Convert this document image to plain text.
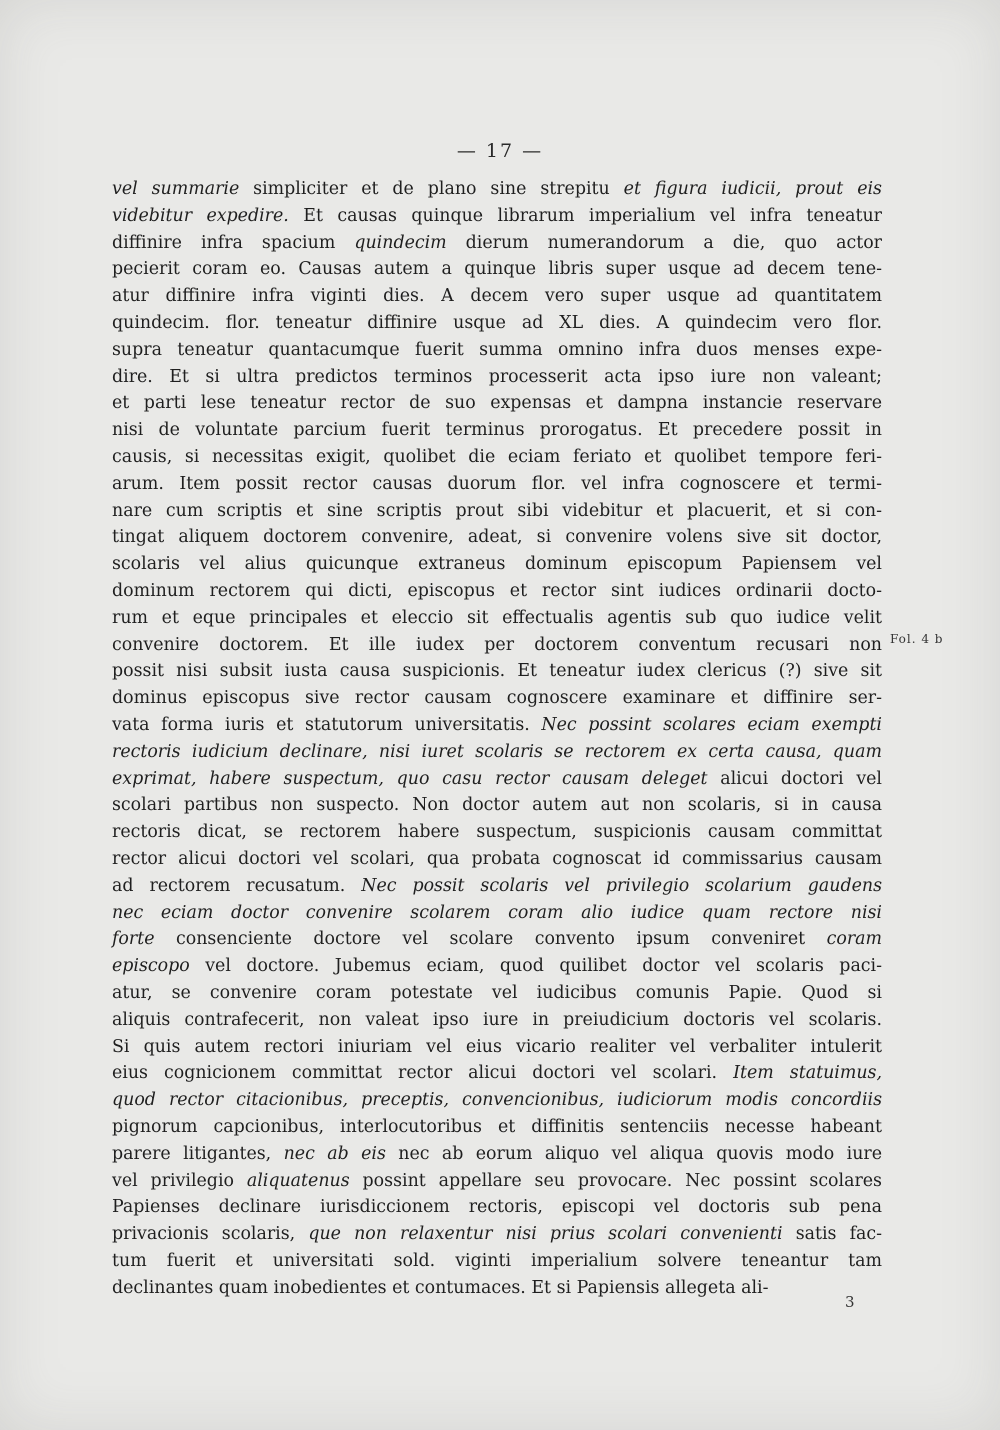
— 17 —
vel summarie simpliciter et de plano sine strepitu et figura iudicii, prout eis
videbitur expedire. Et causas quinque librarum imperialium vel infra teneatur
diffinire infra spacium quindecim dierum numerandorum a die, quo actor
pecierit coram eo. Causas autem a quinque libris super usque ad decem tene-
atur diffinire infra viginti dies. A decem vero super usque ad quantitatem
quindecim. flor. teneatur diffinire usque ad XL dies. A quindecim vero flor.
supra teneatur quantacumque fuerit summa omnino infra duos menses expe-
dire. Et si ultra predictos terminos processerit acta ipso iure non valeant;
et parti lese teneatur rector de suo expensas et dampna instancie reservare
nisi de voluntate parcium fuerit terminus prorogatus. Et precedere possit in
causis, si necessitas exigit, quolibet die eciam feriato et quolibet tempore feri-
arum. Item possit rector causas duorum flor. vel infra cognoscere et termi-
nare cum scriptis et sine scriptis prout sibi videbitur et placuerit, et si con-
tingat aliquem doctorem convenire, adeat, si convenire volens sive sit doctor,
scolaris vel alius quicunque extraneus dominum episcopum Papiensem vel
dominum rectorem qui dicti, episcopus et rector sint iudices ordinarii docto-
rum et eque principales et eleccio sit effectualis agentis sub quo iudice velit
convenire doctorem. Et ille iudex per doctorem conventum recusari non
possit nisi subsit iusta causa suspicionis. Et teneatur iudex clericus (?) sive sit
dominus episcopus sive rector causam cognoscere examinare et diffinire ser-
vata forma iuris et statutorum universitatis. Nec possint scolares eciam exempti
rectoris iudicium declinare, nisi iuret scolaris se rectorem ex certa causa, quam
exprimat, habere suspectum, quo casu rector causam deleget alicui doctori vel
scolari partibus non suspecto. Non doctor autem aut non scolaris, si in causa
rectoris dicat, se rectorem habere suspectum, suspicionis causam committat
rector alicui doctori vel scolari, qua probata cognoscat id commissarius causam
ad rectorem recusatum. Nec possit scolaris vel privilegio scolarium gaudens
nec eciam doctor convenire scolarem coram alio iudice quam rectore nisi
forte consenciente doctore vel scolare convento ipsum conveniret coram
episcopo vel doctore. Jubemus eciam, quod quilibet doctor vel scolaris paci-
atur, se convenire coram potestate vel iudicibus comunis Papie. Quod si
aliquis contrafecerit, non valeat ipso iure in preiudicium doctoris vel scolaris.
Si quis autem rectori iniuriam vel eius vicario realiter vel verbaliter intulerit
eius cognicionem committat rector alicui doctori vel scolari. Item statuimus,
quod rector citacionibus, preceptis, convencionibus, iudiciorum modis concordiis
pignorum capcionibus, interlocutoribus et diffinitis sentenciis necesse habeant
parere litigantes, nec ab eis nec ab eorum aliquo vel aliqua quovis modo iure
vel privilegio aliquatenus possint appellare seu provocare. Nec possint scolares
Papienses declinare iurisdiccionem rectoris, episcopi vel doctoris sub pena
privacionis scolaris, que non relaxentur nisi prius scolari convenienti satis fac-
tum fuerit et universitati sold. viginti imperialium solvere teneantur tam
declinantes quam inobedientes et contumaces. Et si Papiensis allegeta ali-
Fol. 4 b
3
